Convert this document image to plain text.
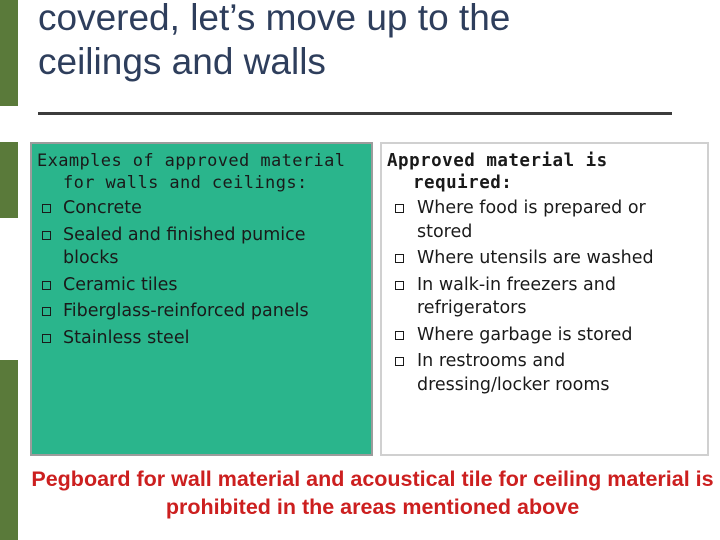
covered, let’s move up to the
ceilings and walls

Examples of approved material for walls and ceilings:

Concrete
Sealed and finished pumice blocks
Ceramic tiles
Fiberglass-reinforced panels
Stainless steel

Approved material is required:

Where food is prepared or stored
Where utensils are washed
In walk-in freezers and refrigerators
Where garbage is stored
In restrooms and dressing/locker rooms
Pegboard for wall material and acoustical tile for ceiling material is prohibited in the areas mentioned above
